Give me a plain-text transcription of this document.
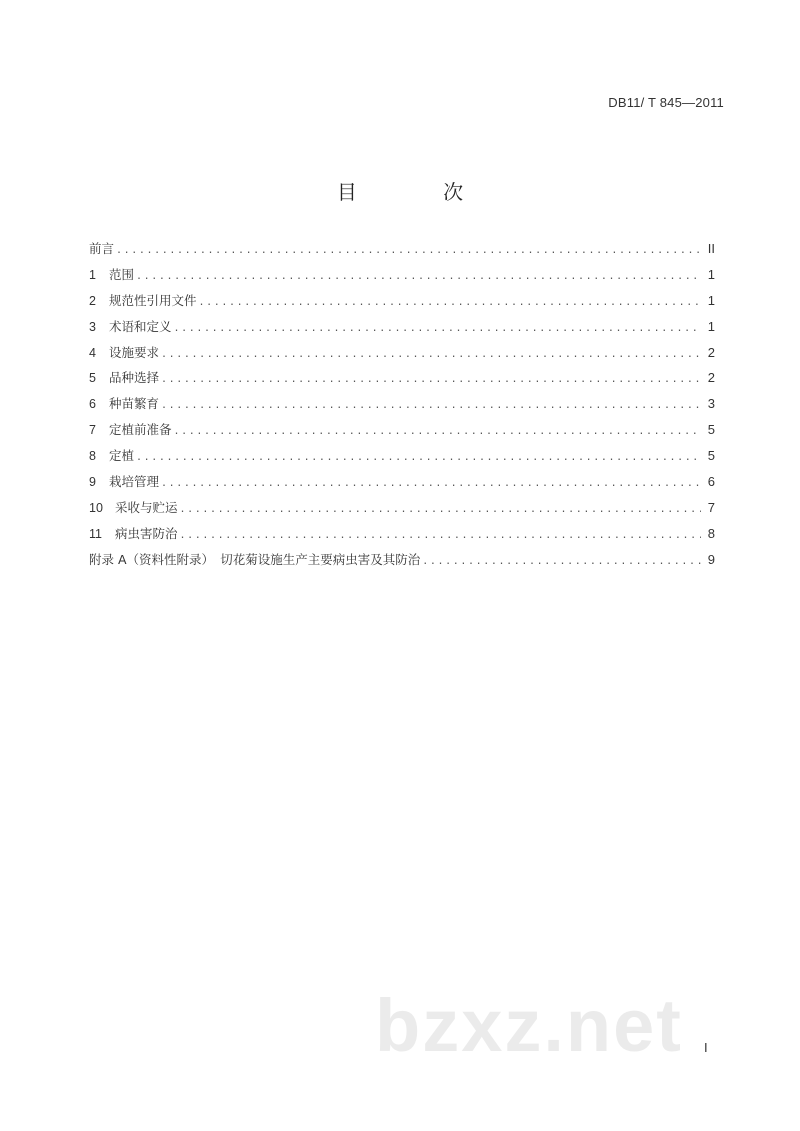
DB11/ T 845—2011
目 次
前言 .....	II
1	范围 .....	1
2	规范性引用文件 .....	1
3	术语和定义 .....	1
4	设施要求 .....	2
5	品种选择 .....	2
6	种苗繁育 .....	3
7	定植前准备 .....	5
8	定植 .....	5
9	栽培管理 .....	6
10 采收与贮运 .....	7
11	病虫害防治 .....	8
附录 A（资料性附录）　切花菊设施生产主要病虫害及其防治 .....	9
bzxz.net I
